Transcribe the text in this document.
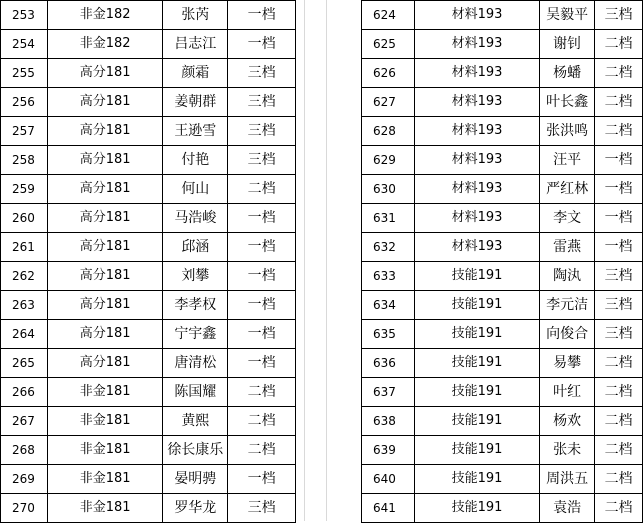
253	非金182	张芮	一档
254	非金182	吕志江	一档
255	高分181	颜霜	三档
256	高分181	姜朝群	三档
257	高分181	王逊雪	三档
258	高分181	付艳	三档
259	高分181	何山	二档
260	高分181	马浩峻	一档
261	高分181	邱涵	一档
262	高分181	刘攀	一档
263	高分181	李孝权	一档
264	高分181	宁宇鑫	一档
265	高分181	唐清松	一档
266	非金181	陈国耀	二档
267	非金181	黄熙	二档
268	非金181	徐长康乐	二档
269	非金181	晏明骋	一档
270	非金181	罗华龙	三档
624	材料193	吴毅平	三档
625	材料193	谢钊	二档
626	材料193	杨蟠	二档
627	材料193	叶长鑫	二档
628	材料193	张洪鸣	二档
629	材料193	汪平	一档
630	材料193	严红林	一档
631	材料193	李文	一档
632	材料193	雷燕	一档
633	技能191	陶汍	三档
634	技能191	李元洁	三档
635	技能191	向俊合	三档
636	技能191	易攀	二档
637	技能191	叶红	二档
638	技能191	杨欢	二档
639	技能191	张未	二档
640	技能191	周洪五	二档
641	技能191	袁浩	二档
